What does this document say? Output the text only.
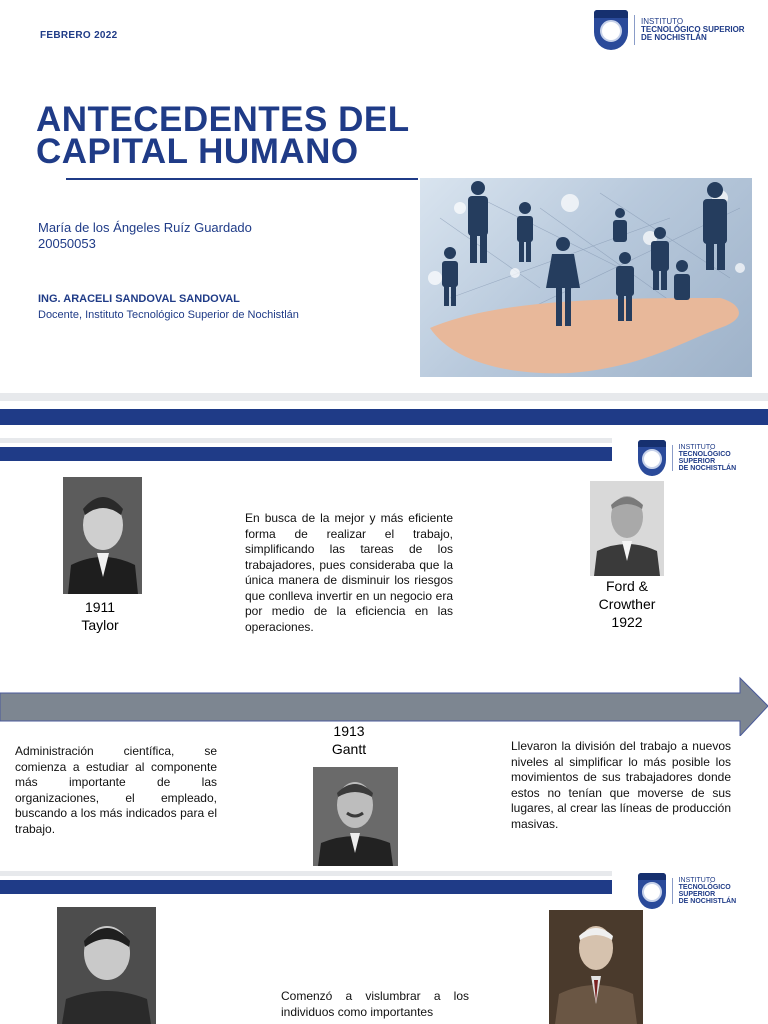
FEBRERO 2022
INSTITUTO
TECNOLÓGICO SUPERIOR
DE NOCHISTLÁN
ANTECEDENTES DEL
CAPITAL HUMANO
María de los Ángeles Ruíz Guardado
20050053
ING. ARACELI SANDOVAL SANDOVAL
Docente, Instituto Tecnológico Superior de Nochistlán
INSTITUTO
TECNOLÓGICO SUPERIOR
DE NOCHISTLÁN
1911
Taylor
En busca de la mejor y más eficiente forma de realizar el trabajo, simplificando las tareas de los trabajadores, pues consideraba que la única manera de disminuir los riesgos que conlleva invertir en un negocio era por medio de la eficiencia en las operaciones.
Ford &
Crowther
1922
1913
Gantt
Administración científica, se comienza a estudiar al componente más importante de las organizaciones, el empleado, buscando a los más indicados para el trabajo.
Llevaron la división del trabajo a nuevos niveles al simplificar lo más posible los movimientos de sus trabajadores donde estos no tenían que moverse de sus lugares, al crear las líneas de producción masivas.
INSTITUTO
TECNOLÓGICO SUPERIOR
DE NOCHISTLÁN
Comenzó a vislumbrar a los individuos como importantes
